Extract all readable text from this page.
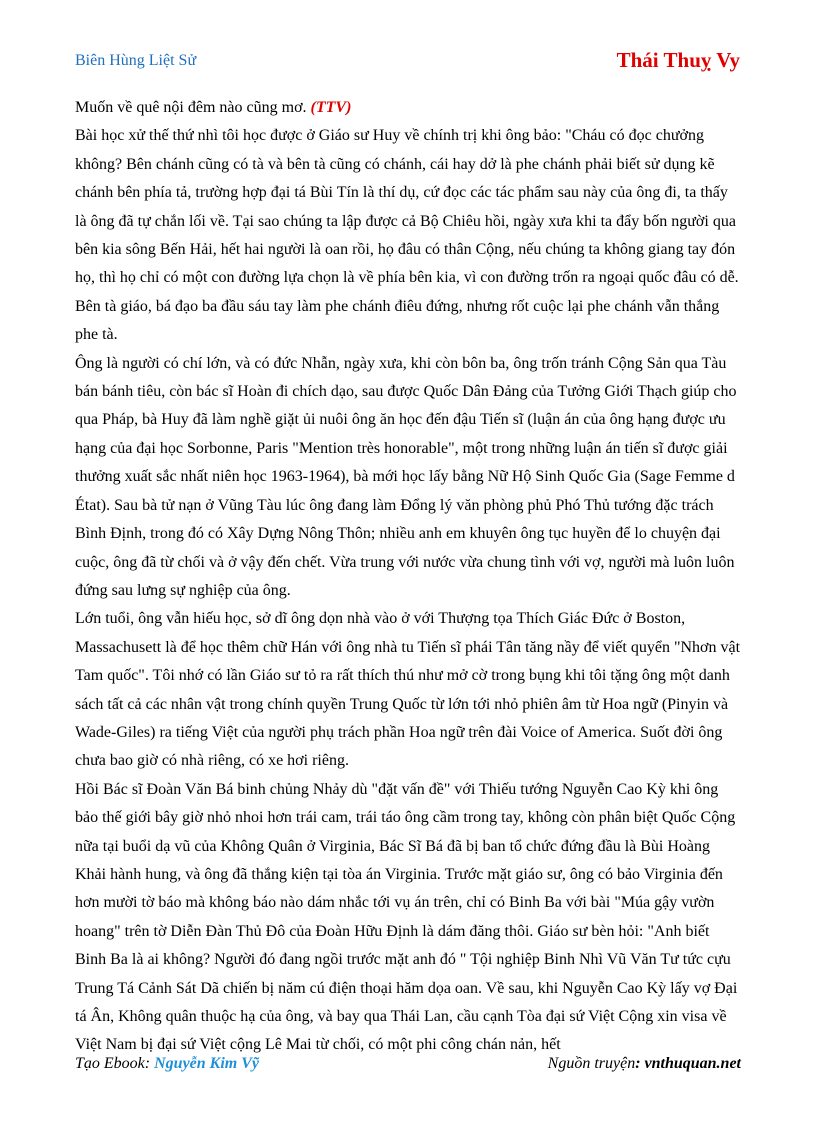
Biên Hùng Liệt Sử	Thái Thuỵ Vy

Muốn về quê nội đêm nào cũng mơ. (TTV)

Bài học xử thế thứ nhì tôi học được ở Giáo sư Huy về chính trị khi ông bảo: "Cháu có đọc chưởng không? Bên chánh cũng có tà và bên tà cũng có chánh, cái hay dở là phe chánh phải biết sử dụng kẽ chánh bên phía tả, trường hợp đại tá Bùi Tín là thí dụ, cứ đọc các tác phẩm sau này của ông đi, ta thấy là ông đã tự chắn lối về. Tại sao chúng ta lập được cả Bộ Chiêu hồi, ngày xưa khi ta đẩy bốn người qua bên kia sông Bến Hải, hết hai người là oan rồi, họ đâu có thân Cộng, nếu chúng ta không giang tay đón họ, thì họ chỉ có một con đường lựa chọn là về phía bên kia, vì con đường trốn ra ngoại quốc đâu có dễ. Bên tà giáo, bá đạo ba đầu sáu tay làm phe chánh điêu đứng, nhưng rốt cuộc lại phe chánh vẫn thắng phe tà.

Ông là người có chí lớn, và có đức Nhẫn, ngày xưa, khi còn bôn ba, ông trốn tránh Cộng Sản qua Tàu bán bánh tiêu, còn bác sĩ Hoàn đi chích dạo, sau được Quốc Dân Đảng của Tưởng Giới Thạch giúp cho qua Pháp, bà Huy đã làm nghề giặt ủi nuôi ông ăn học đến đậu Tiến sĩ (luận án của ông hạng được ưu hạng của đại học Sorbonne, Paris "Mention très honorable", một trong những luận án tiến sĩ được giải thưởng xuất sắc nhất niên học 1963-1964), bà mới học lấy bằng Nữ Hộ Sinh Quốc Gia (Sage Femme d État). Sau bà tử nạn ở Vũng Tàu lúc ông đang làm Đổng lý văn phòng phủ Phó Thủ tướng đặc trách Bình Định, trong đó có Xây Dựng Nông Thôn; nhiều anh em khuyên ông tục huyền để lo chuyện đại cuộc, ông đã từ chối và ở vậy đến chết. Vừa trung với nước vừa chung tình với vợ, người mà luôn luôn đứng sau lưng sự nghiệp của ông.

Lớn tuổi, ông vẫn hiếu học, sở dĩ ông dọn nhà vào ở với Thượng tọa Thích Giác Đức ở Boston, Massachusett là để học thêm chữ Hán với ông nhà tu Tiến sĩ phái Tân tăng nầy để viết quyển "Nhơn vật Tam quốc". Tôi nhớ có lần Giáo sư tỏ ra rất thích thú như mở cờ trong bụng khi tôi tặng ông một danh sách tất cả các nhân vật trong chính quyền Trung Quốc từ lớn tới nhỏ phiên âm từ Hoa ngữ (Pinyin và Wade-Giles) ra tiếng Việt của người phụ trách phần Hoa ngữ trên đài Voice of America. Suốt đời ông chưa bao giờ có nhà riêng, có xe hơi riêng.

Hồi Bác sĩ Đoàn Văn Bá binh chủng Nhảy dù "đặt vấn đề" với Thiếu tướng Nguyễn Cao Kỳ khi ông bảo thế giới bây giờ nhỏ nhoi hơn trái cam, trái táo ông cầm trong tay, không còn phân biệt Quốc Cộng nữa tại buổi dạ vũ của Không Quân ở Virginia, Bác Sĩ Bá đã bị ban tổ chức đứng đầu là Bùi Hoàng Khải hành hung, và ông đã thắng kiện tại tòa án Virginia. Trước mặt giáo sư, ông có bảo Virginia đến hơn mười tờ báo mà không báo nào dám nhắc tới vụ án trên, chỉ có Binh Ba với bài "Múa gậy vườn hoang" trên tờ Diễn Đàn Thủ Đô của Đoàn Hữu Định là dám đăng thôi. Giáo sư bèn hỏi: "Anh biết Binh Ba là ai không? Người đó đang ngồi trước mặt anh đó " Tội nghiệp Binh Nhì Vũ Văn Tư tức cựu Trung Tá Cảnh Sát Dã chiến bị năm cú điện thoại hăm dọa oan. Về sau, khi Nguyễn Cao Kỳ lấy vợ Đại tá Ân, Không quân thuộc hạ của ông, và bay qua Thái Lan, cầu cạnh Tòa đại sứ Việt Cộng xin visa về Việt Nam bị đại sứ Việt cộng Lê Mai từ chối, có một phi công chán nản, hết

Tạo Ebook: Nguyễn Kim Vỹ	Nguồn truyện: vnthuquan.net
